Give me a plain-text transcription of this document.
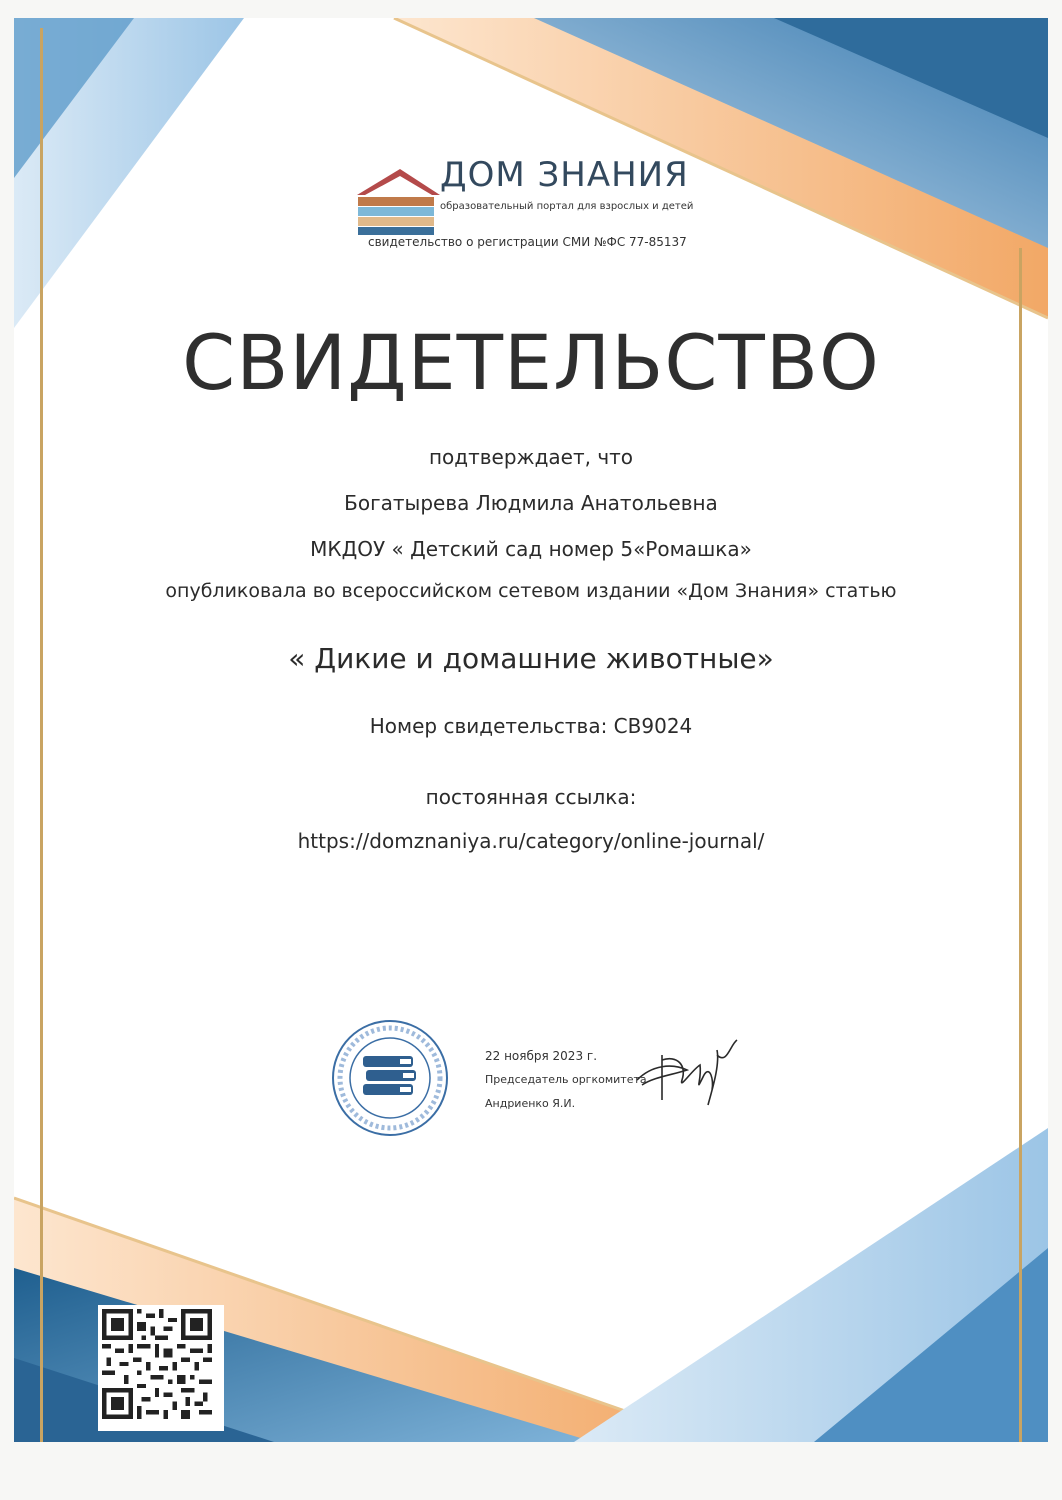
ДОМ ЗНАНИЯ
образовательный портал для взрослых и детей
свидетельство о регистрации СМИ №ФС 77-85137
СВИДЕТЕЛЬСТВО
подтверждает, что
Богатырева Людмила Анатольевна
МКДОУ « Детский сад номер 5«Ромашка»
опубликовала во всероссийском сетевом издании «Дом Знания» статью
« Дикие и домашние животные»
Номер свидетельства: СВ9024
постоянная ссылка:
https://domznaniya.ru/category/online-journal/
22 ноября 2023 г.
Председатель оргкомитета
Андриенко Я.И.
